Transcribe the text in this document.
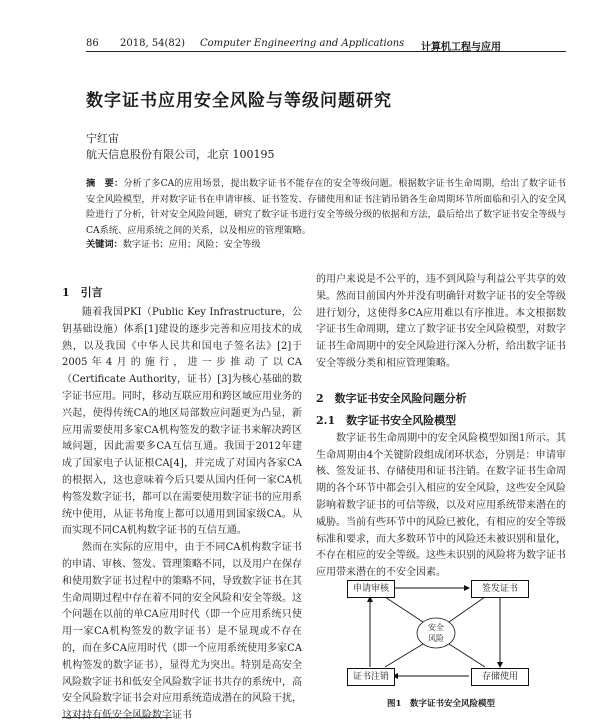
86 2018, 54(82) Computer Engineering and Applications 计算机工程与应用
数字证书应用安全风险与等级问题研究
宁红宙
航天信息股份有限公司，北京 100195
摘　要：分析了多CA的应用场景，提出数字证书不能存在的安全等级问题。根据数字证书生命周期，给出了数字证书安全风险模型，并对数字证书在申请审核、证书签发、存储使用和证书注销吊销各生命周期环节所面临和引入的安全风险进行了分析，针对安全风险问题，研究了数字证书进行安全等级分级的依据和方法，最后给出了数字证书安全等级与CA系统、应用系统之间的关系，以及相应的管理策略。
关键词：数字证书；应用；风险；安全等级
1　引言

随着我国PKI（Public Key Infrastructure，公钥基础设施）体系[1]建设的逐步完善和应用技术的成熟，以及我国《中华人民共和国电子签名法》[2]于2005年4月的施行，进一步推动了以CA（Certificate Authority，证书）[3]为核心基础的数字证书应用。同时，移动互联应用和跨区域应用业务的兴起，使得传统CA的地区局部数应问题更为凸显，新应用需要使用多家CA机构签发的数字证书来解决跨区域问题，因此需要多CA互信互通。我国于2012年建成了国家电子认证根CA[4]，并完成了对国内各家CA的根据入，这也意味着今后只要从国内任何一家CA机构签发数字证书，都可以在需要使用数字证书的应用系统中使用，从证书角度上都可以通用到国家级CA。从而实现不同CA机构数字证书的互信互通。

然而在实际的应用中，由于不同CA机构数字证书的申请、审核、签发、管理策略不同，以及用户在保存和使用数字证书过程中的策略不同，导致数字证书在其生命周期过程中存在着不同的安全风险和安全等级。这个问题在以前的单CA应用时代（即一个应用系统只使用一家CA机构签发的数字证书）是不显现或不存在的，而在多CA应用时代（即一个应用系统使用多家CA机构签发的数字证书），显得尤为突出。特别是高安全风险数字证书和低安全风险数字证书共存的系统中，高安全风险数字证书会对应用系统造成潜在的风险干扰，这对持有低安全风险数字证书

的用户来说是不公平的，违不到风险与利益公平共享的效果。然而目前国内外并没有明确针对数字证书的安全等级进行划分，这使得多CA应用难以有序推进。本文根据数字证书生命周期，建立了数字证书安全风险模型，对数字证书生命周期中的安全风险进行深入分析，给出数字证书安全等级分类和相应管理策略。

2　数字证书安全风险问题分析
2.1　数字证书安全风险模型

数字证书生命周期中的安全风险模型如图1所示。其生命周期由4个关键阶段组成闭环状态，分别是：申请审核、签发证书、存储使用和证书注销。在数字证书生命周期的各个环节中都会引入相应的安全风险，这些安全风险影响着数字证书的可信等级，以及对应用系统带来潜在的威胁。当前有些环节中的风险已被化，有相应的安全等级标准和要求，而大多数环节中的风险还未被识别和量化，不存在相应的安全等级。这些未识别的风险将为数字证书应用带来潜在的不安全因素。

申请审核	签发证书
证书注销	存储使用
安全
风险
图1　数字证书安全风险模型
